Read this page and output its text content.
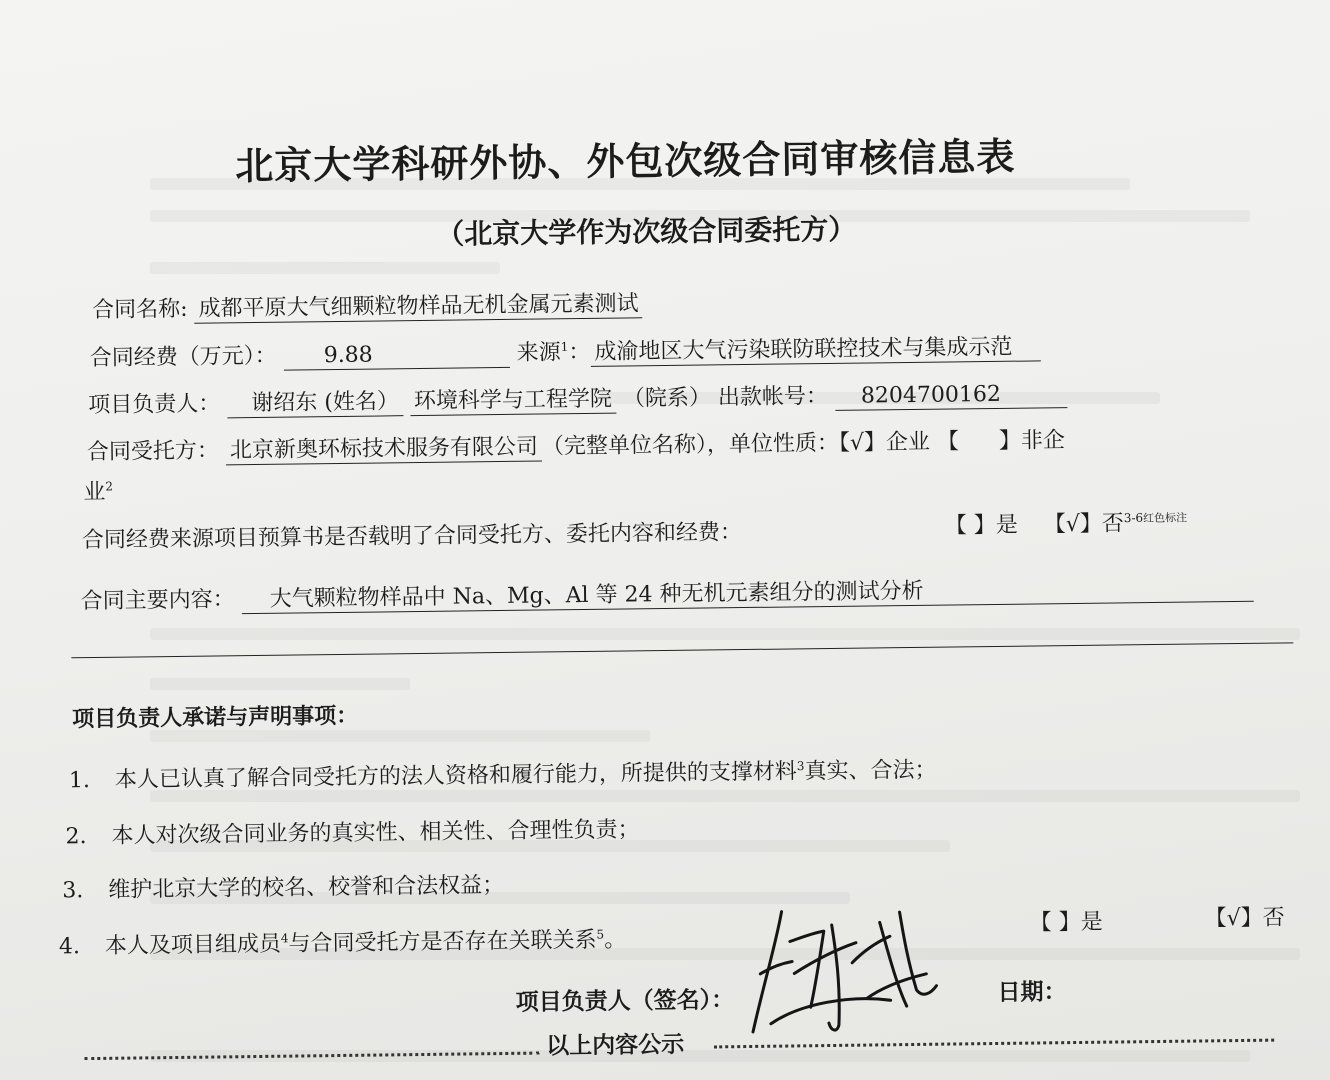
北京大学科研外协、外包次级合同审核信息表
（北京大学作为次级合同委托方）
合同名称: 成都平原大气细颗粒物样品无机金属元素测试
合同经费（万元）： 9.88	来源$^1$： 成渝地区大气污染联防联控技术与集成示范
项目负责人： 谢绍东 (姓名） 环境科学与工程学院 （院系） 出款帐号： 8204700162
合同受托方： 北京新奥环标技术服务有限公司 （完整单位名称），单位性质：【√】企业 【 】非企
业$^2$
合同经费来源项目预算书是否载明了合同受托方、委托内容和经费：	【 】是 【√】否$^{3-6红色标注}$
合同主要内容： 大气颗粒物样品中 Na、Mg、Al 等 24 种无机元素组分的测试分析
项目负责人承诺与声明事项：
1. 本人已认真了解合同受托方的法人资格和履行能力，所提供的支撑材料$^3$真实、合法；
2. 本人对次级合同业务的真实性、相关性、合理性负责；
3. 维护北京大学的校名、校誉和合法权益；
4. 本人及项目组成员$^4$与合同受托方是否存在关联关系$^5$。
【 】是	【√】否
项目负责人（签名）：	日期：
以上内容公示
